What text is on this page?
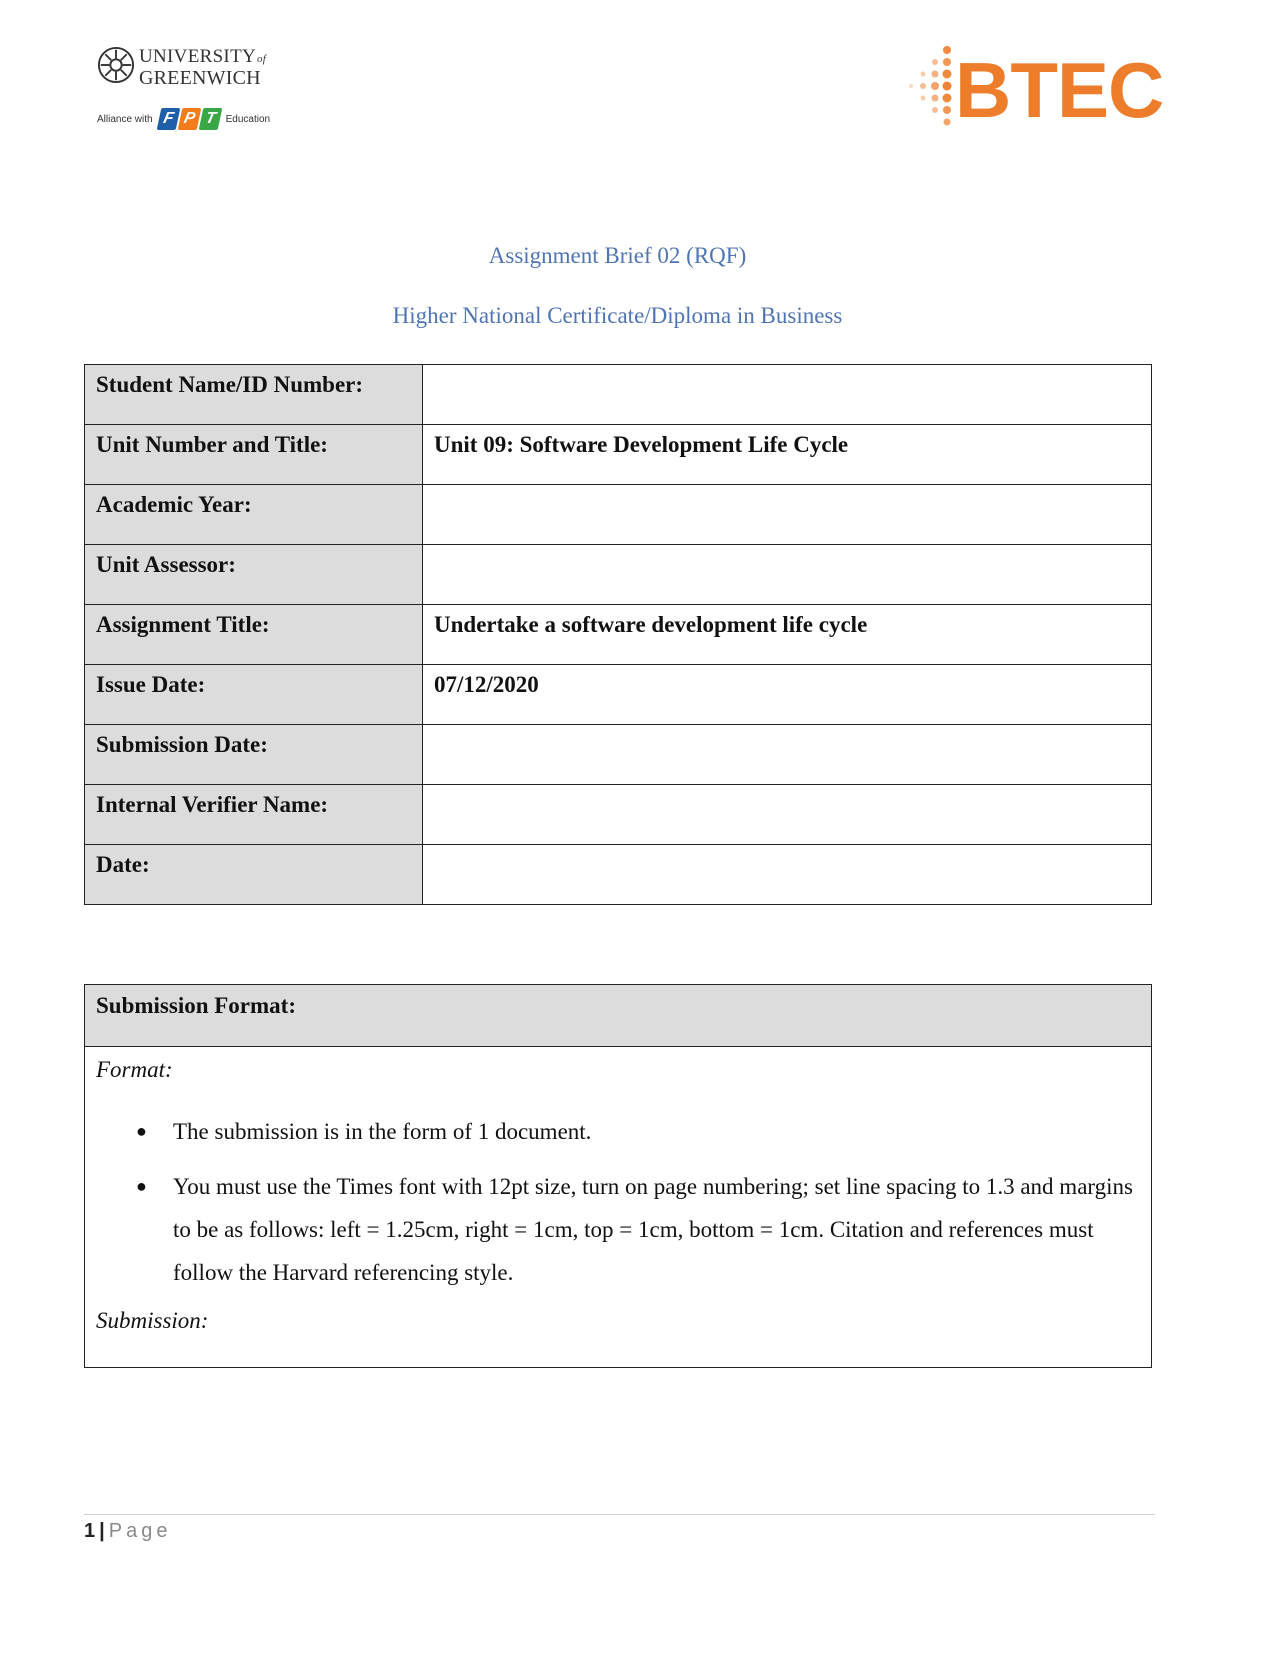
UNIVERSITYof
GREENWICH
Alliance with F P T Education	BTEC
Assignment Brief 02 (RQF)
Higher National Certificate/Diploma in Business
Student Name/ID Number:	
Unit Number and Title:	Unit 09: Software Development Life Cycle
Academic Year:	
Unit Assessor:	
Assignment Title:	Undertake a software development life cycle
Issue Date:	07/12/2020
Submission Date:	
Internal Verifier Name:	
Date:	
Submission Format:

Format:

● The submission is in the form of 1 document.
● You must use the Times font with 12pt size, turn on page numbering; set line spacing to 1.3 and margins to be as follows: left = 1.25cm, right = 1cm, top = 1cm, bottom = 1cm. Citation and references must follow the Harvard referencing style.

Submission:

1 | Page
